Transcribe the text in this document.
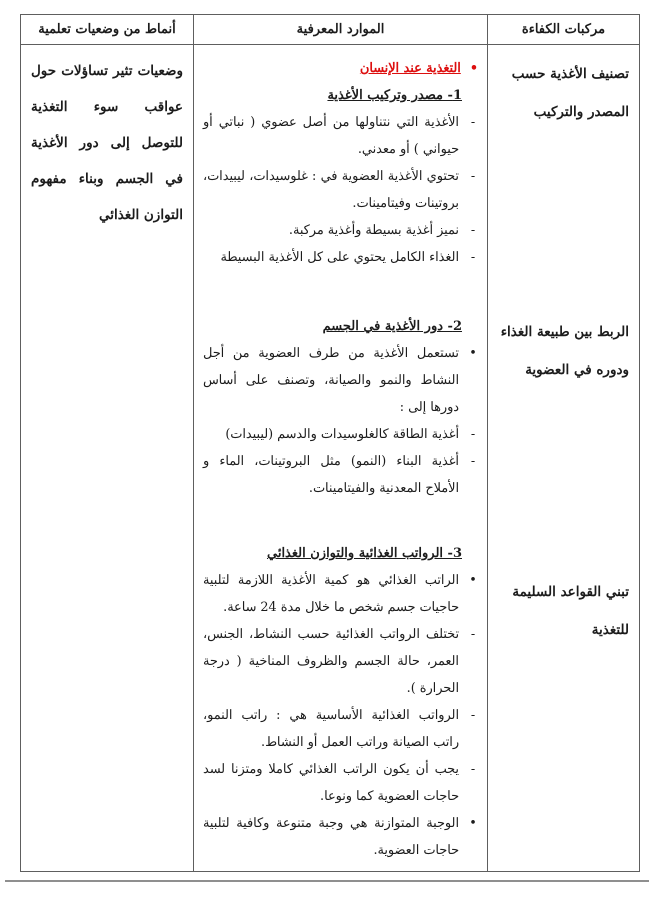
مركبات الكفاءة
الموارد المعرفية
أنماط من وضعيات تعلمية
تصنيف الأغذية حسب المصدر والتركيب
الربط بين طبيعة الغذاء ودوره في العضوية
تبني القواعد السليمة للتغذية
•
التغذية عند الإنسان
1- مصدر وتركيب الأغذية
-
الأغذية التي نتناولها من أصل عضوي ( نباتي أو حيواني ) أو معدني.
-
تحتوي الأغذية العضوية في : غلوسيدات، ليبيدات، بروتينات وفيتامينات.
-
نميز أغذية بسيطة وأغذية مركبة.
-
الغذاء الكامل يحتوي على كل الأغذية البسيطة
2- دور الأغذية في الجسم
•
تستعمل الأغذية من طرف العضوية من أجل النشاط والنمو والصيانة، وتصنف على أساس دورها إلى :
-
أغذية الطاقة كالغلوسيدات والدسم (ليبيدات)
-
أغذية البناء (النمو) مثل البروتينات، الماء و الأملاح المعدنية والفيتامينات.
3- الرواتب الغذائية والتوازن الغذائي
•
الراتب الغذائي هو كمية الأغذية اللازمة لتلبية حاجيات جسم شخص ما خلال مدة 24 ساعة.
-
تختلف الرواتب الغذائية حسب النشاط، الجنس، العمر، حالة الجسم والظروف المناخية ( درجة الحرارة ).
-
الرواتب الغذائية الأساسية هي : راتب النمو، راتب الصيانة وراتب العمل أو النشاط.
-
يجب أن يكون الراتب الغذائي كاملا ومتزنا لسد حاجات العضوية كما ونوعا.
•
الوجبة المتوازنة هي وجبة متنوعة وكافية لتلبية حاجات العضوية.
وضعيات تثير تساؤلات حول عواقب سوء التغذية للتوصل إلى دور الأغذية في الجسم وبناء مفهوم التوازن الغذائي
